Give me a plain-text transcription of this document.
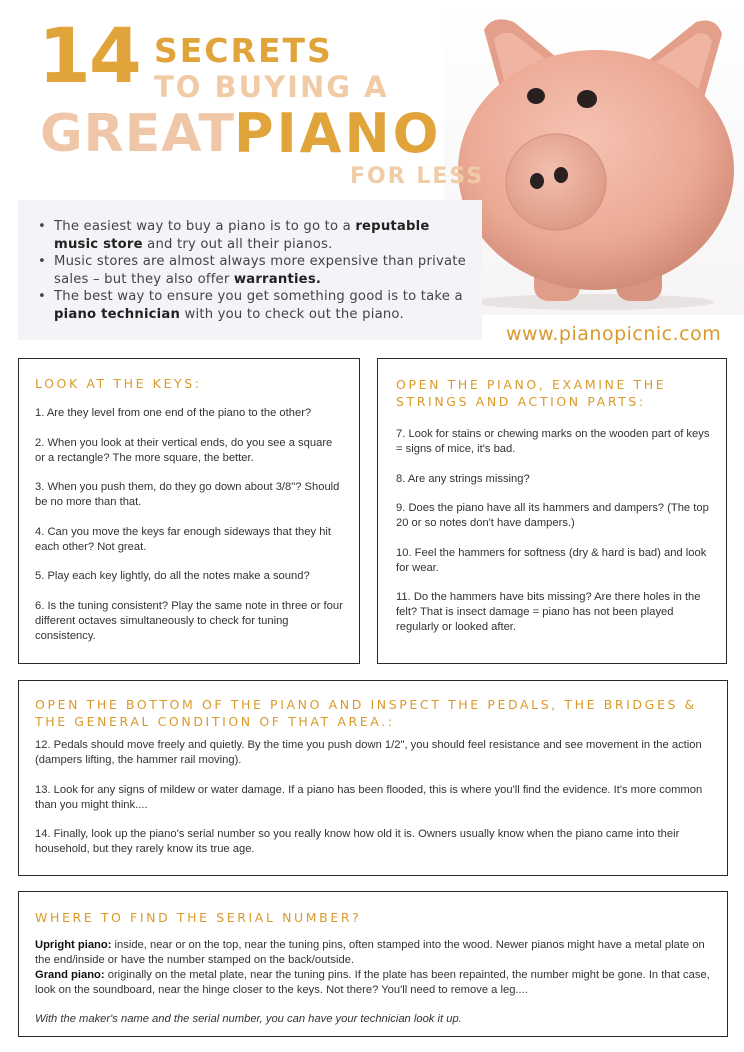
14 SECRETS
TO BUYING A
GREAT PIANO
FOR LESS
• The easiest way to buy a piano is to go to a reputable music store and try out all their pianos.
• Music stores are almost always more expensive than private sales – but they also offer warranties.
• The best way to ensure you get something good is to take a piano technician with you to check out the piano.
www.pianopicnic.com
LOOK AT THE KEYS:

1. Are they level from one end of the piano to the other?

2. When you look at their vertical ends, do you see a square or a rectangle? The more square, the better.

3. When you push them, do they go down about 3/8"? Should be no more than that.

4. Can you move the keys far enough sideways that they hit each other? Not great.

5. Play each key lightly, do all the notes make a sound?

6. Is the tuning consistent? Play the same note in three or four different octaves simultaneously to check for tuning consistency.

OPEN THE PIANO, EXAMINE THE STRINGS AND ACTION PARTS:

7. Look for stains or chewing marks on the wooden part of keys = signs of mice, it's bad.

8. Are any strings missing?

9. Does the piano have all its hammers and dampers? (The top 20 or so notes don't have dampers.)

10. Feel the hammers for softness (dry & hard is bad) and look for wear.

11. Do the hammers have bits missing? Are there holes in the felt? That is insect damage = piano has not been played regularly or looked after.

OPEN THE BOTTOM OF THE PIANO AND INSPECT THE PEDALS, THE BRIDGES & THE GENERAL CONDITION OF THAT AREA.:

12. Pedals should move freely and quietly. By the time you push down 1/2", you should feel resistance and see movement in the action (dampers lifting, the hammer rail moving).

13. Look for any signs of mildew or water damage. If a piano has been flooded, this is where you'll find the evidence. It's more common than you might think....

14. Finally, look up the piano's serial number so you really know how old it is. Owners usually know when the piano came into their household, but they rarely know its true age.

WHERE TO FIND THE SERIAL NUMBER?

Upright piano: inside, near or on the top, near the tuning pins, often stamped into the wood. Newer pianos might have a metal plate on the end/inside or have the number stamped on the back/outside.

Grand piano: originally on the metal plate, near the tuning pins. If the plate has been repainted, the number might be gone. In that case, look on the soundboard, near the hinge closer to the keys. Not there? You'll need to remove a leg....

With the maker's name and the serial number, you can have your technician look it up.
